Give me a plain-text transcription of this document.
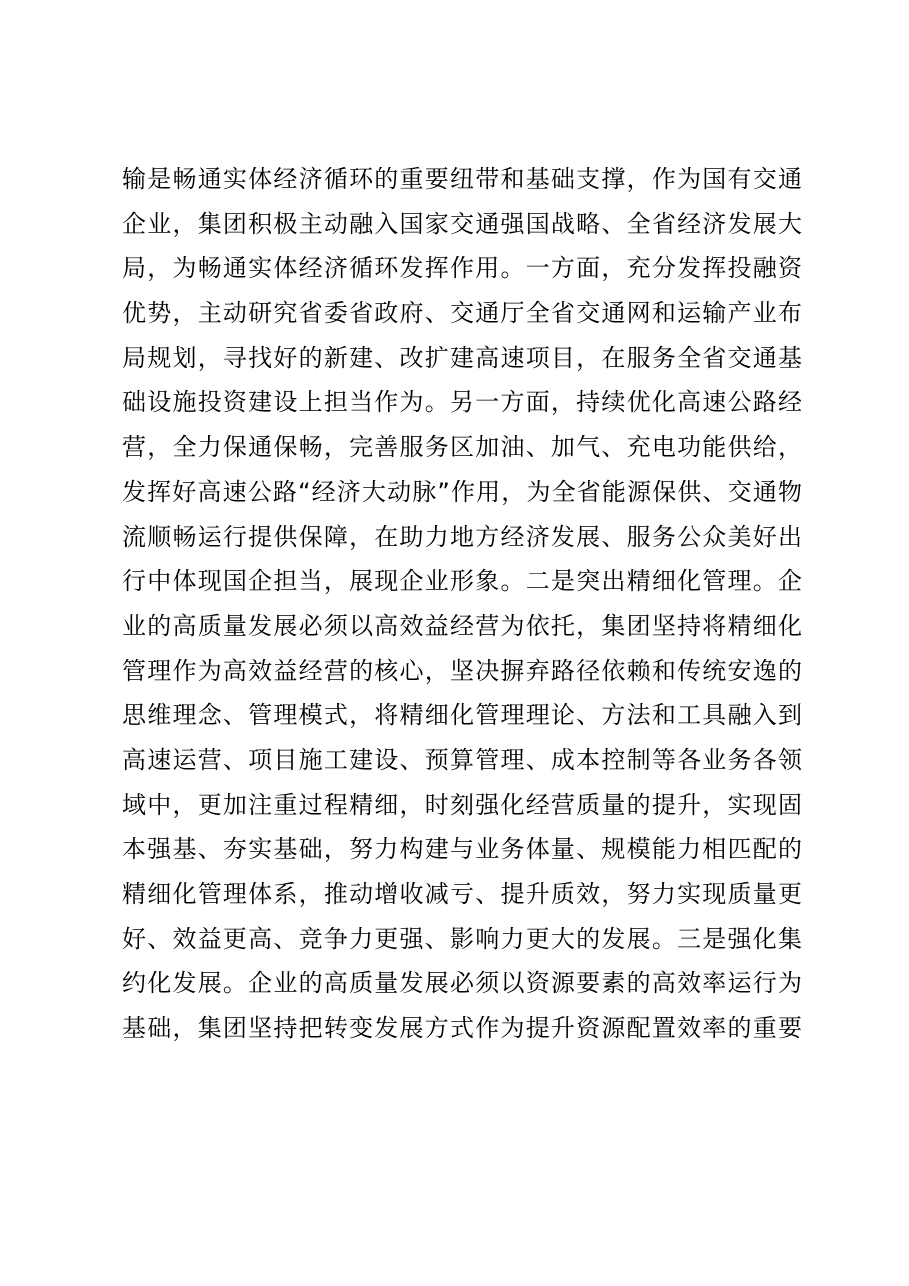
输是畅通实体经济循环的重要纽带和基础支撑，作为国有交通
企业，集团积极主动融入国家交通强国战略、全省经济发展大
局，为畅通实体经济循环发挥作用。一方面，充分发挥投融资
优势，主动研究省委省政府、交通厅全省交通网和运输产业布
局规划，寻找好的新建、改扩建高速项目，在服务全省交通基
础设施投资建设上担当作为。另一方面，持续优化高速公路经
营，全力保通保畅，完善服务区加油、加气、充电功能供给，
发挥好高速公路“经济大动脉”作用，为全省能源保供、交通物
流顺畅运行提供保障，在助力地方经济发展、服务公众美好出
行中体现国企担当，展现企业形象。二是突出精细化管理。企
业的高质量发展必须以高效益经营为依托，集团坚持将精细化
管理作为高效益经营的核心，坚决摒弃路径依赖和传统安逸的
思维理念、管理模式，将精细化管理理论、方法和工具融入到
高速运营、项目施工建设、预算管理、成本控制等各业务各领
域中，更加注重过程精细，时刻强化经营质量的提升，实现固
本强基、夯实基础，努力构建与业务体量、规模能力相匹配的
精细化管理体系，推动增收减亏、提升质效，努力实现质量更
好、效益更高、竞争力更强、影响力更大的发展。三是强化集
约化发展。企业的高质量发展必须以资源要素的高效率运行为
基础，集团坚持把转变发展方式作为提升资源配置效率的重要
